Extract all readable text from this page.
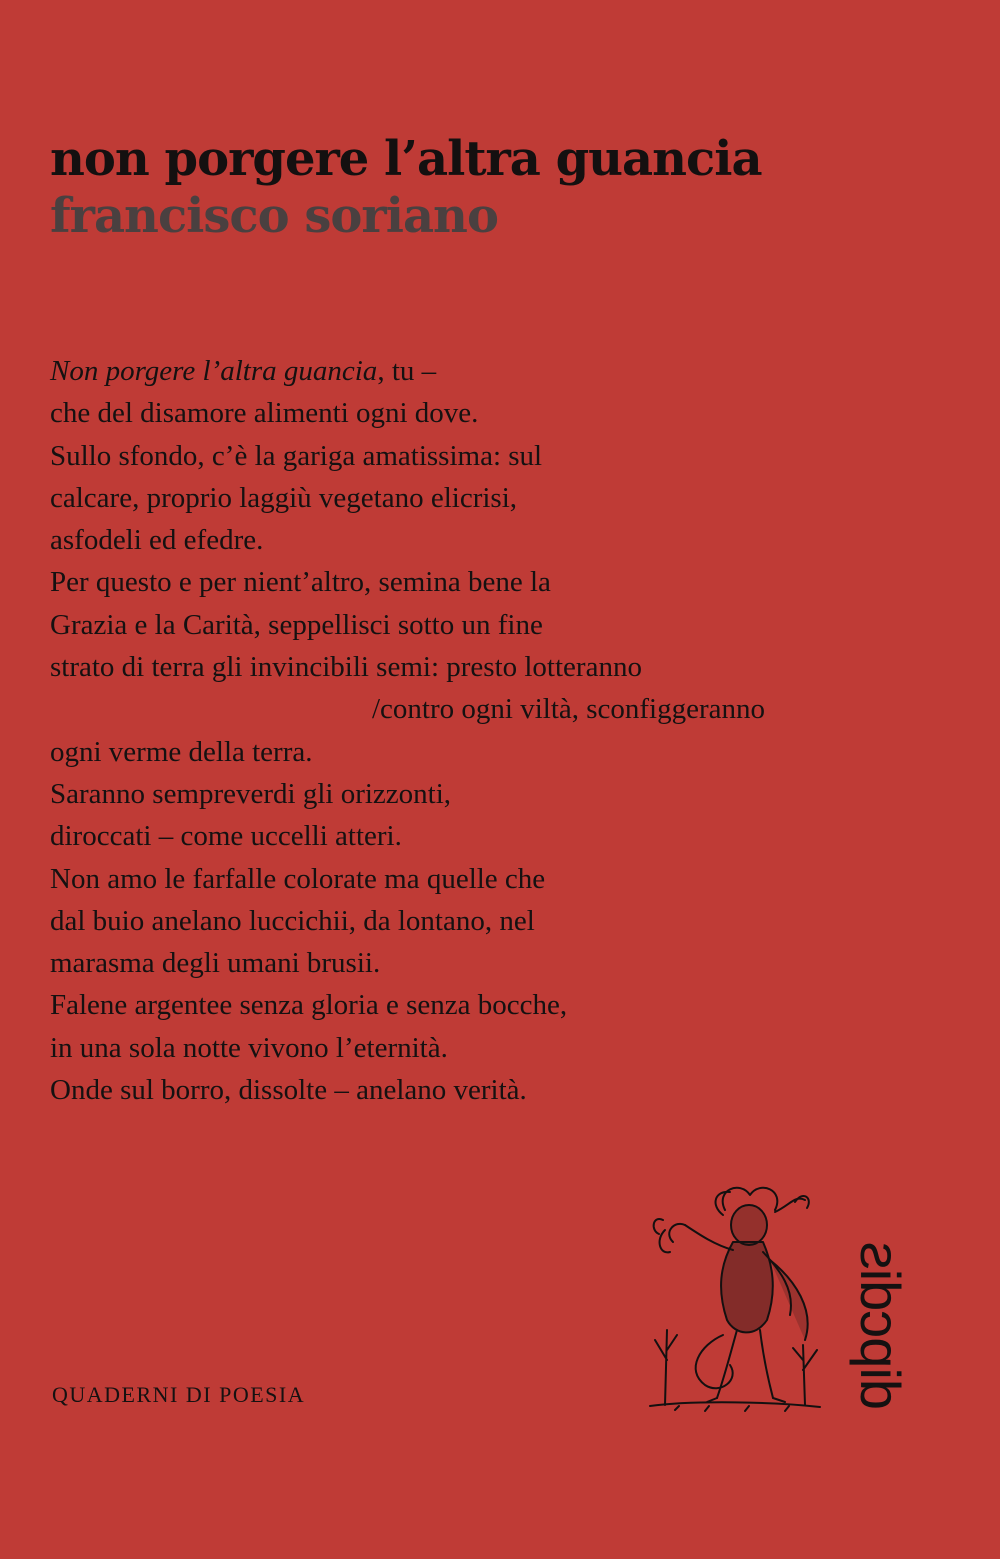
non porgere l’altra guancia
francisco soriano
Non porgere l’altra guancia, tu –
che del disamore alimenti ogni dove.
Sullo sfondo, c’è la gariga amatissima: sul
calcare, proprio laggiù vegetano elicrisi,
asfodeli ed efedre.
Per questo e per nient’altro, semina bene la
Grazia e la Carità, seppellisci sotto un fine
strato di terra gli invincibili semi: presto lotteranno
/contro ogni viltà, sconfiggeranno
ogni verme della terra.
Saranno sempreverdi gli orizzonti,
diroccati – come uccelli atteri.
Non amo le farfalle colorate ma quelle che
dal buio anelano luccichii, da lontano, nel
marasma degli umani brusii.
Falene argentee senza gloria e senza bocche,
in una sola notte vivono l’eternità.
Onde sul borro, dissolte – anelano verità.
QUADERNI DI POESIA	dipcdis
